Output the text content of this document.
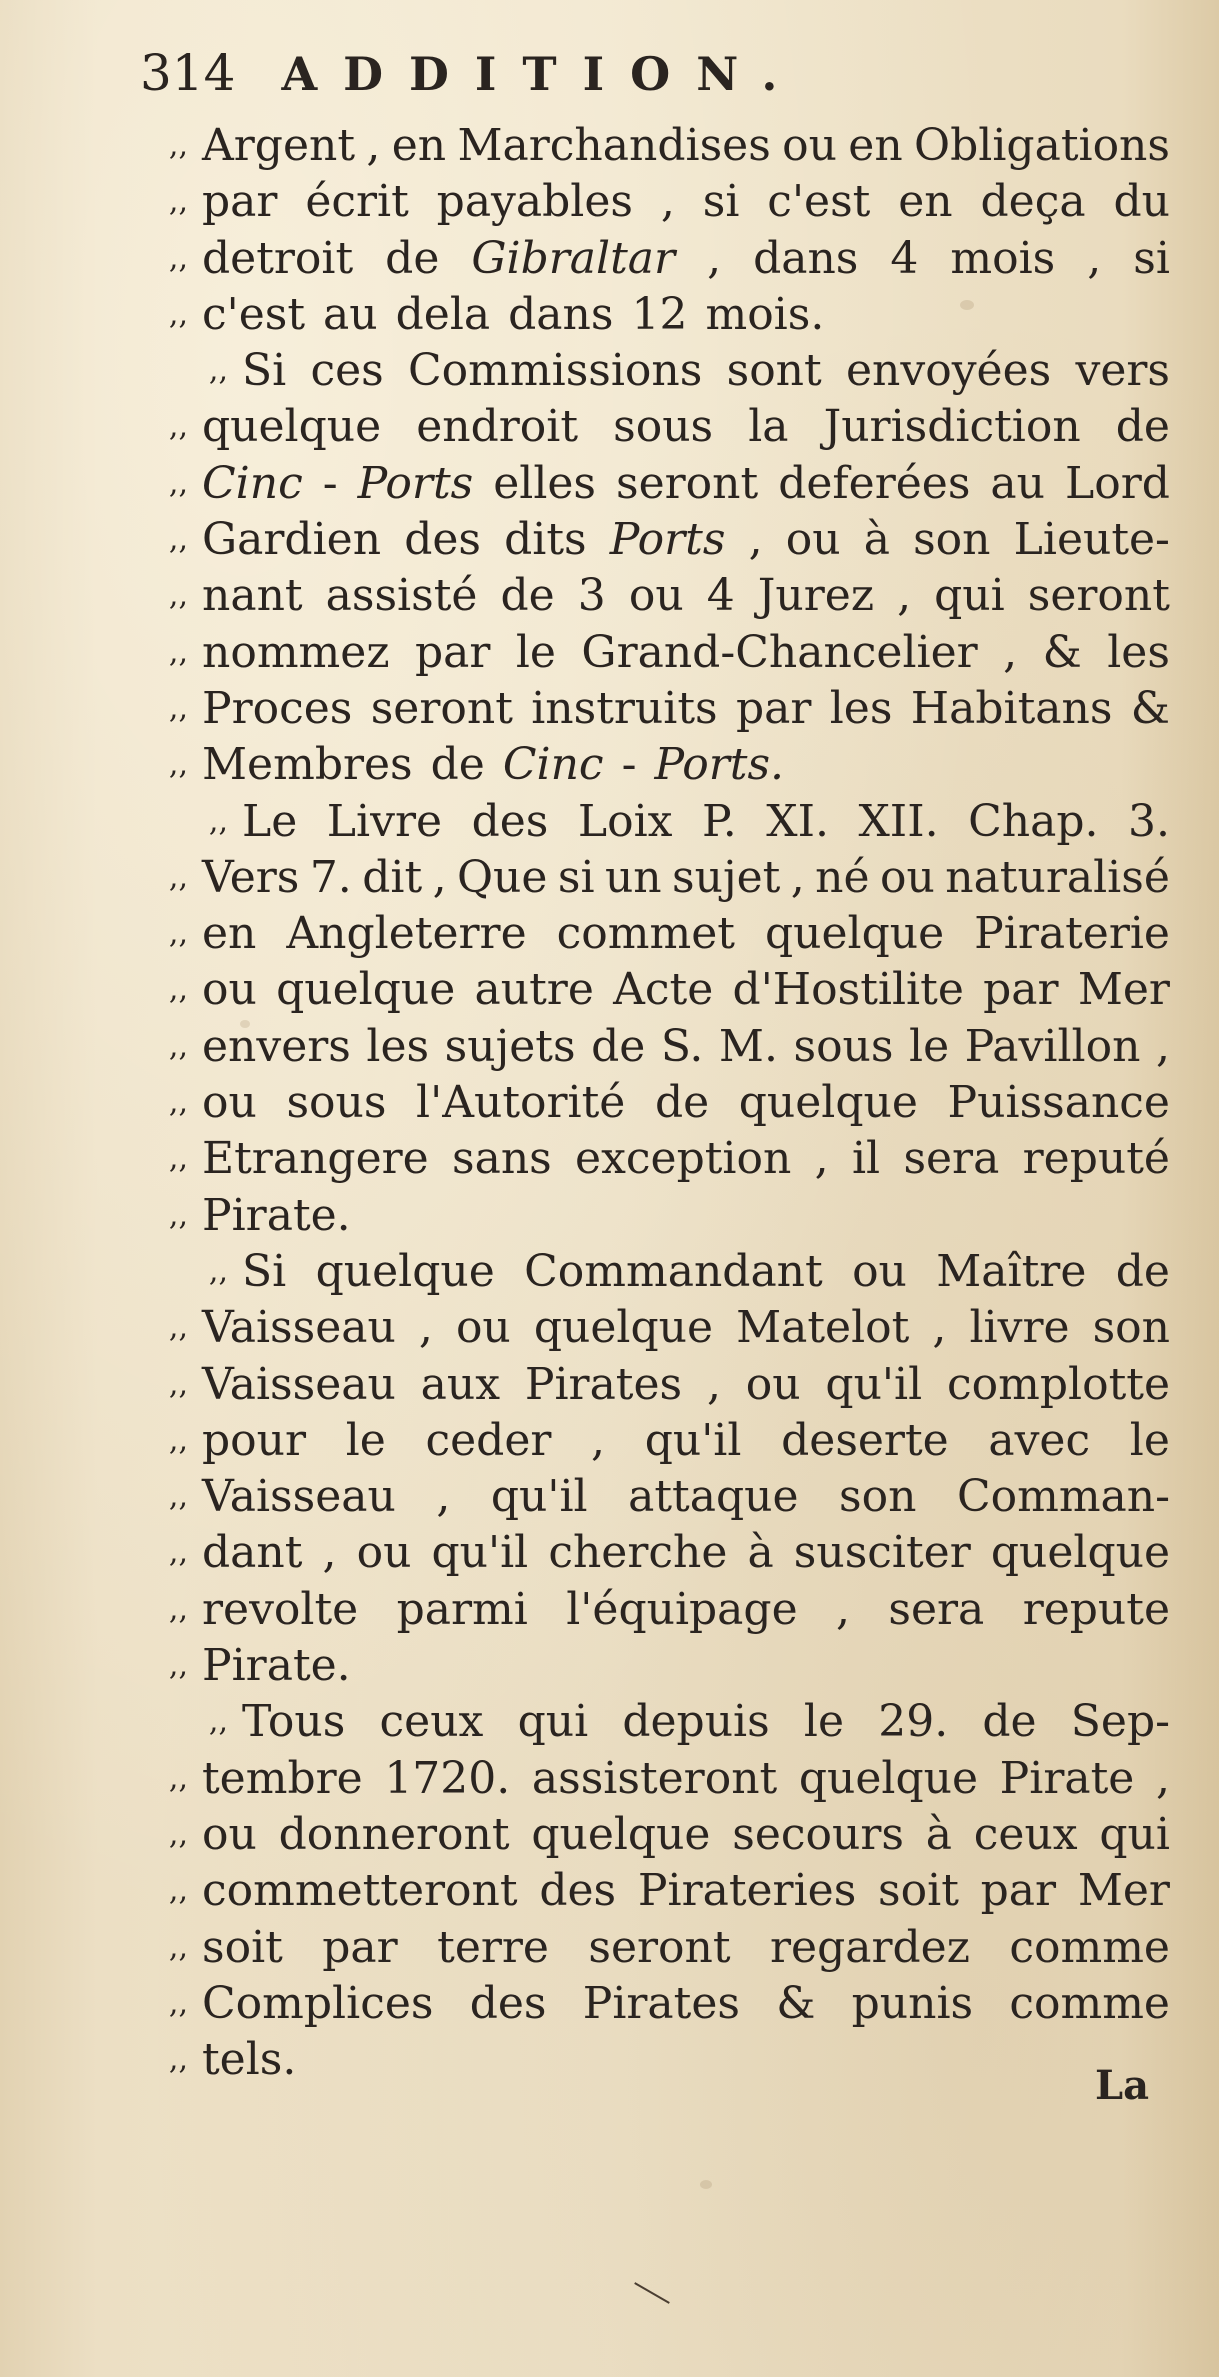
314 ADDITION.
,, Argent , en Marchandises ou en Obligations
,, par écrit payables , si c'est en deça du
,, detroit de Gibraltar , dans 4 mois , si
,, c'est au dela dans 12 mois.
,, Si ces Commissions sont envoyées vers
,, quelque endroit sous la Jurisdiction de
,, Cinc - Ports elles seront deferées au Lord
,, Gardien des dits Ports , ou à son Lieute-
,, nant assisté de 3 ou 4 Jurez , qui seront
,, nommez par le Grand-Chancelier , & les
,, Proces seront instruits par les Habitans &
,, Membres de Cinc - Ports.
,, Le Livre des Loix P. XI. XII. Chap. 3.
,, Vers 7. dit , Que si un sujet , né ou naturalisé
,, en Angleterre commet quelque Piraterie
,, ou quelque autre Acte d'Hostilite par Mer
,, envers les sujets de S. M. sous le Pavillon ,
,, ou sous l'Autorité de quelque Puissance
,, Etrangere sans exception , il sera reputé
,, Pirate.
,, Si quelque Commandant ou Maître de
,, Vaisseau , ou quelque Matelot , livre son
,, Vaisseau aux Pirates , ou qu'il complotte
,, pour le ceder , qu'il deserte avec le
,, Vaisseau , qu'il attaque son Comman-
,, dant , ou qu'il cherche à susciter quelque
,, revolte parmi l'équipage , sera repute
,, Pirate.
,, Tous ceux qui depuis le 29. de Sep-
,, tembre 1720. assisteront quelque Pirate ,
,, ou donneront quelque secours à ceux qui
,, commetteront des Pirateries soit par Mer
,, soit par terre seront regardez comme
,, Complices des Pirates & punis comme
,, tels.
La
